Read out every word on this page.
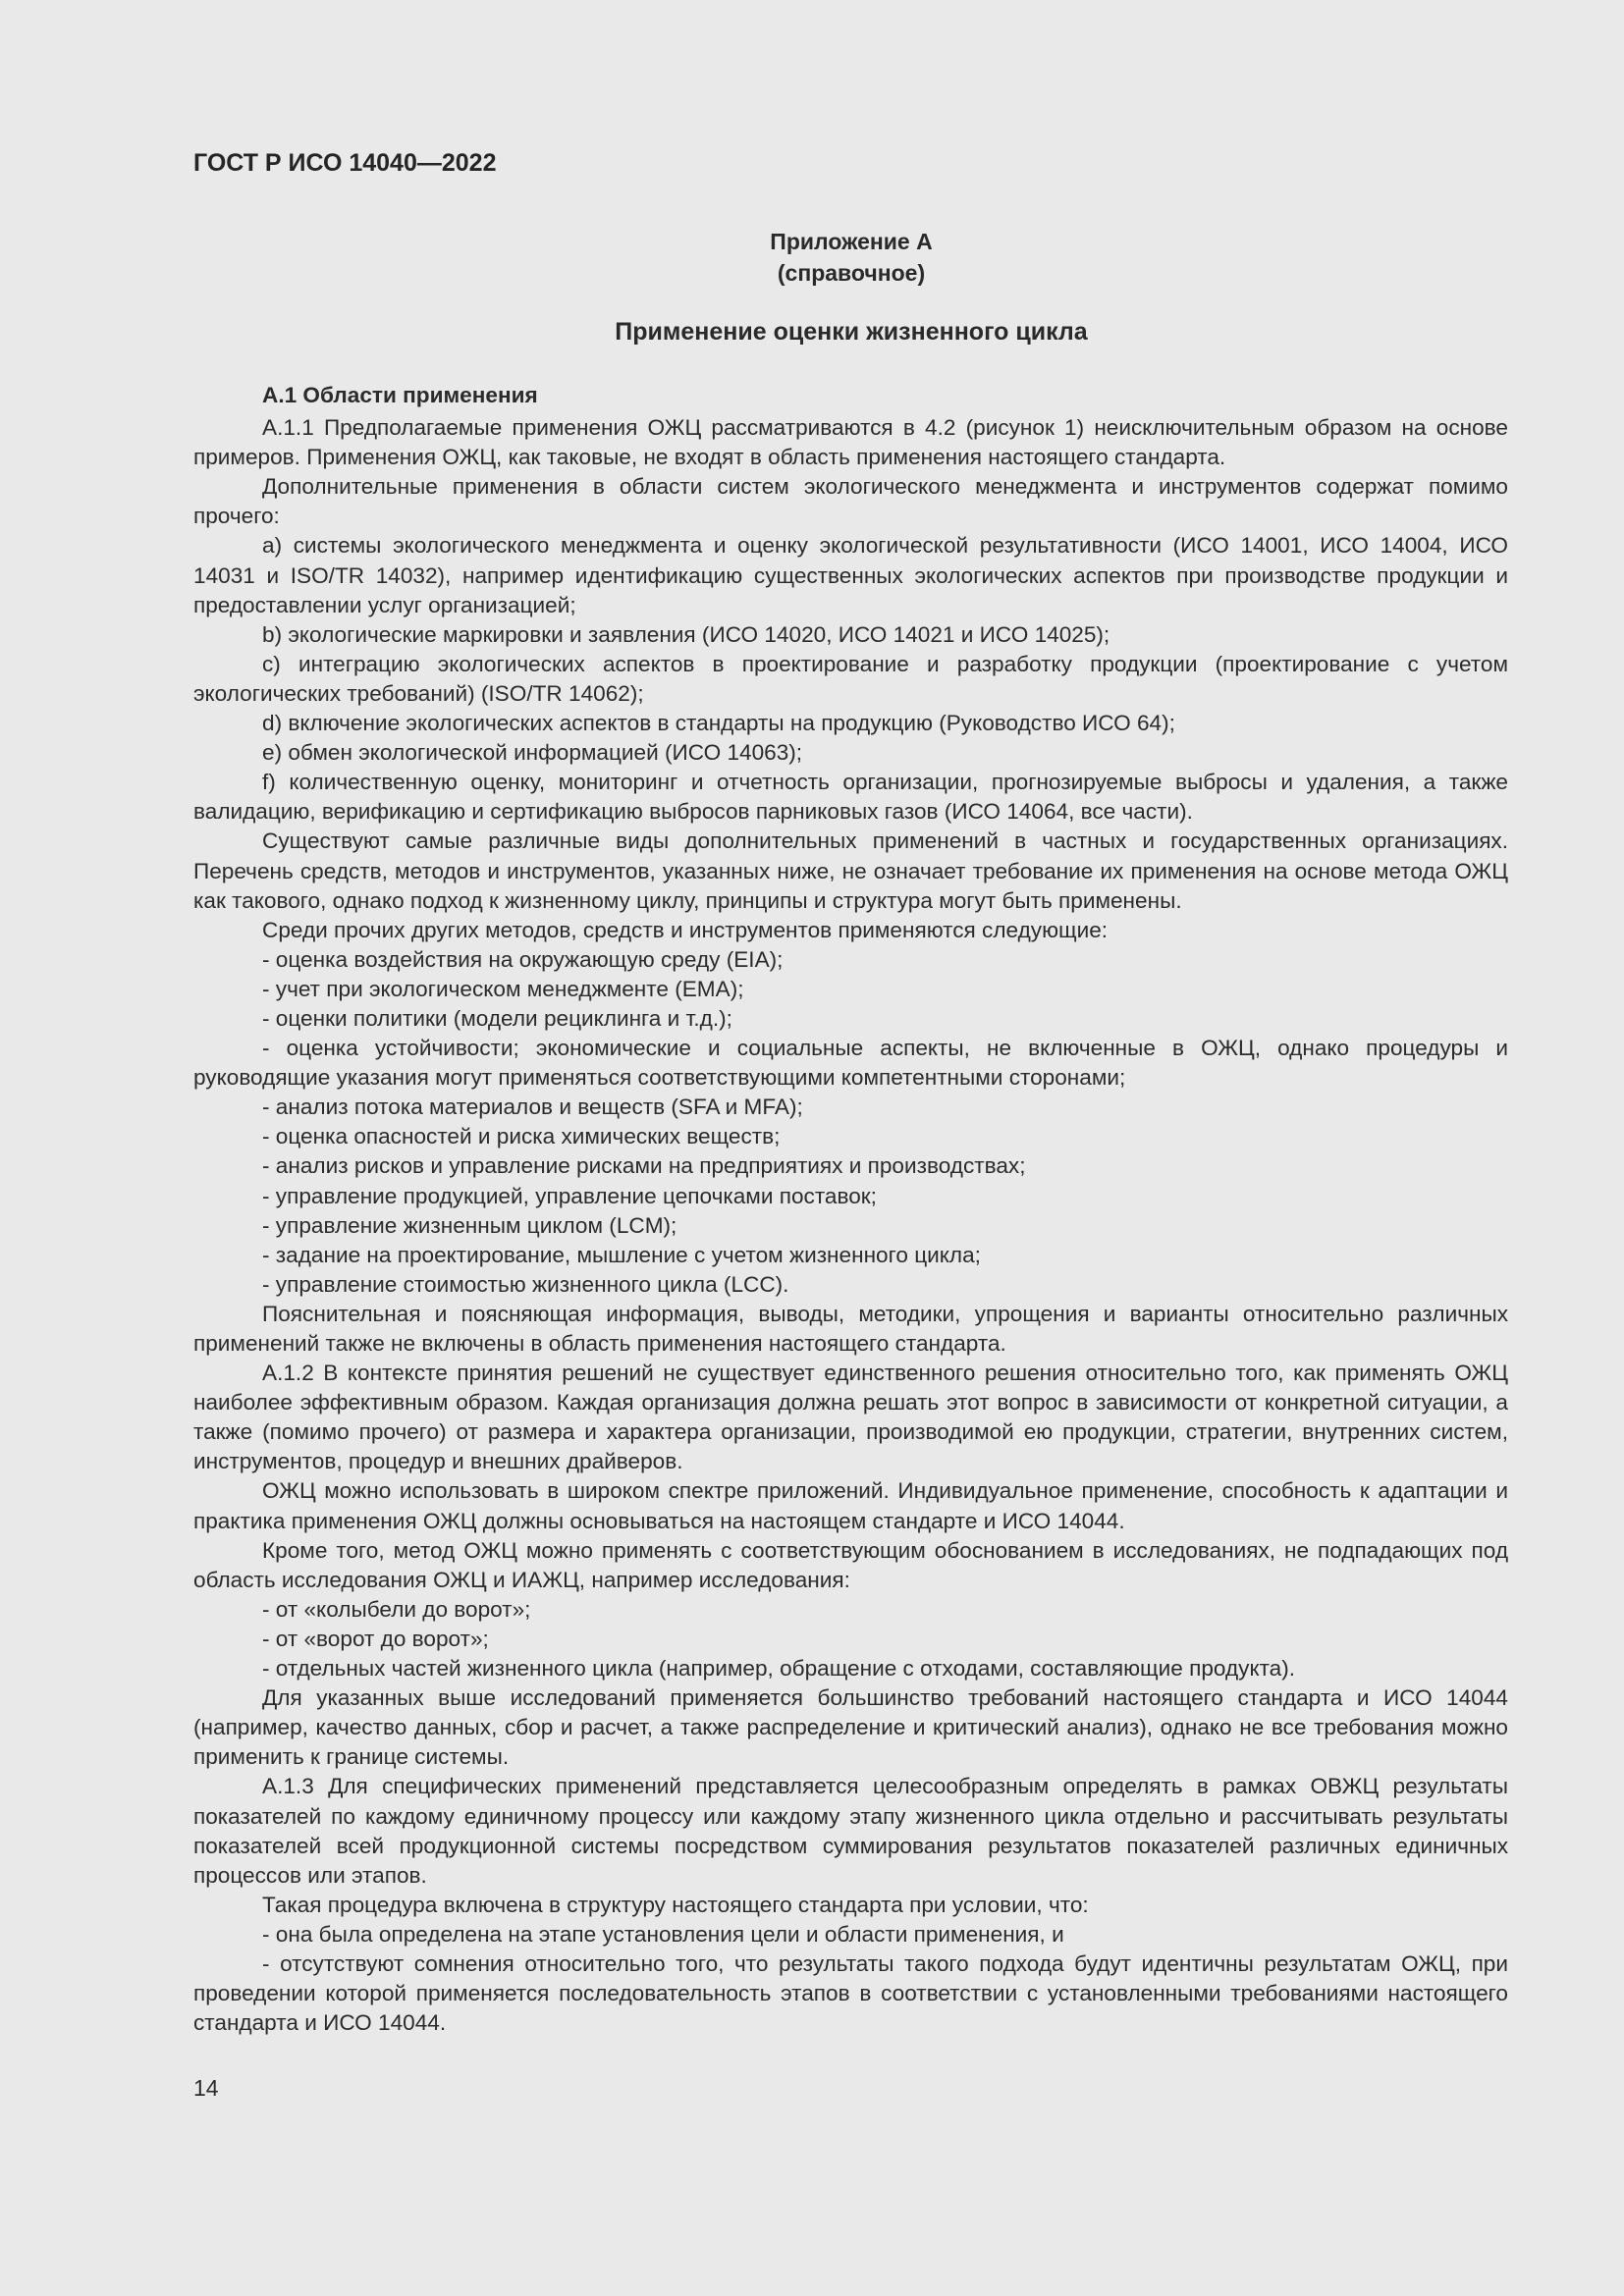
ГОСТ Р ИСО 14040—2022
Приложение А
(справочное)
Применение оценки жизненного цикла

А.1 Области применения

А.1.1 Предполагаемые применения ОЖЦ рассматриваются в 4.2 (рисунок 1) неисключительным образом на основе примеров. Применения ОЖЦ, как таковые, не входят в область применения настоящего стандарта.

Дополнительные применения в области систем экологического менеджмента и инструментов содержат помимо прочего:

a) системы экологического менеджмента и оценку экологической результативности (ИСО 14001, ИСО 14004, ИСО 14031 и ISO/TR 14032), например идентификацию существенных экологических аспектов при производстве продукции и предоставлении услуг организацией;

b) экологические маркировки и заявления (ИСО 14020, ИСО 14021 и ИСО 14025);

c) интеграцию экологических аспектов в проектирование и разработку продукции (проектирование с учетом экологических требований) (ISO/TR 14062);

d) включение экологических аспектов в стандарты на продукцию (Руководство ИСО 64);

e) обмен экологической информацией (ИСО 14063);

f) количественную оценку, мониторинг и отчетность организации, прогнозируемые выбросы и удаления, а также валидацию, верификацию и сертификацию выбросов парниковых газов (ИСО 14064, все части).

Существуют самые различные виды дополнительных применений в частных и государственных организациях. Перечень средств, методов и инструментов, указанных ниже, не означает требование их применения на основе метода ОЖЦ как такового, однако подход к жизненному циклу, принципы и структура могут быть применены.

Среди прочих других методов, средств и инструментов применяются следующие:

- оценка воздействия на окружающую среду (EIA);

- учет при экологическом менеджменте (EMA);

- оценки политики (модели рециклинга и т.д.);

- оценка устойчивости; экономические и социальные аспекты, не включенные в ОЖЦ, однако процедуры и руководящие указания могут применяться соответствующими компетентными сторонами;

- анализ потока материалов и веществ (SFA и MFA);

- оценка опасностей и риска химических веществ;

- анализ рисков и управление рисками на предприятиях и производствах;

- управление продукцией, управление цепочками поставок;

- управление жизненным циклом (LCM);

- задание на проектирование, мышление с учетом жизненного цикла;

- управление стоимостью жизненного цикла (LCC).

Пояснительная и поясняющая информация, выводы, методики, упрощения и варианты относительно различных применений также не включены в область применения настоящего стандарта.

А.1.2 В контексте принятия решений не существует единственного решения относительно того, как применять ОЖЦ наиболее эффективным образом. Каждая организация должна решать этот вопрос в зависимости от конкретной ситуации, а также (помимо прочего) от размера и характера организации, производимой ею продукции, стратегии, внутренних систем, инструментов, процедур и внешних драйверов.

ОЖЦ можно использовать в широком спектре приложений. Индивидуальное применение, способность к адаптации и практика применения ОЖЦ должны основываться на настоящем стандарте и ИСО 14044.

Кроме того, метод ОЖЦ можно применять с соответствующим обоснованием в исследованиях, не подпадающих под область исследования ОЖЦ и ИАЖЦ, например исследования:

- от «колыбели до ворот»;

- от «ворот до ворот»;

- отдельных частей жизненного цикла (например, обращение с отходами, составляющие продукта).

Для указанных выше исследований применяется большинство требований настоящего стандарта и ИСО 14044 (например, качество данных, сбор и расчет, а также распределение и критический анализ), однако не все требования можно применить к границе системы.

А.1.3 Для специфических применений представляется целесообразным определять в рамках ОВЖЦ результаты показателей по каждому единичному процессу или каждому этапу жизненного цикла отдельно и рассчитывать результаты показателей всей продукционной системы посредством суммирования результатов показателей различных единичных процессов или этапов.

Такая процедура включена в структуру настоящего стандарта при условии, что:

- она была определена на этапе установления цели и области применения, и

- отсутствуют сомнения относительно того, что результаты такого подхода будут идентичны результатам ОЖЦ, при проведении которой применяется последовательность этапов в соответствии с установленными требованиями настоящего стандарта и ИСО 14044.

14
